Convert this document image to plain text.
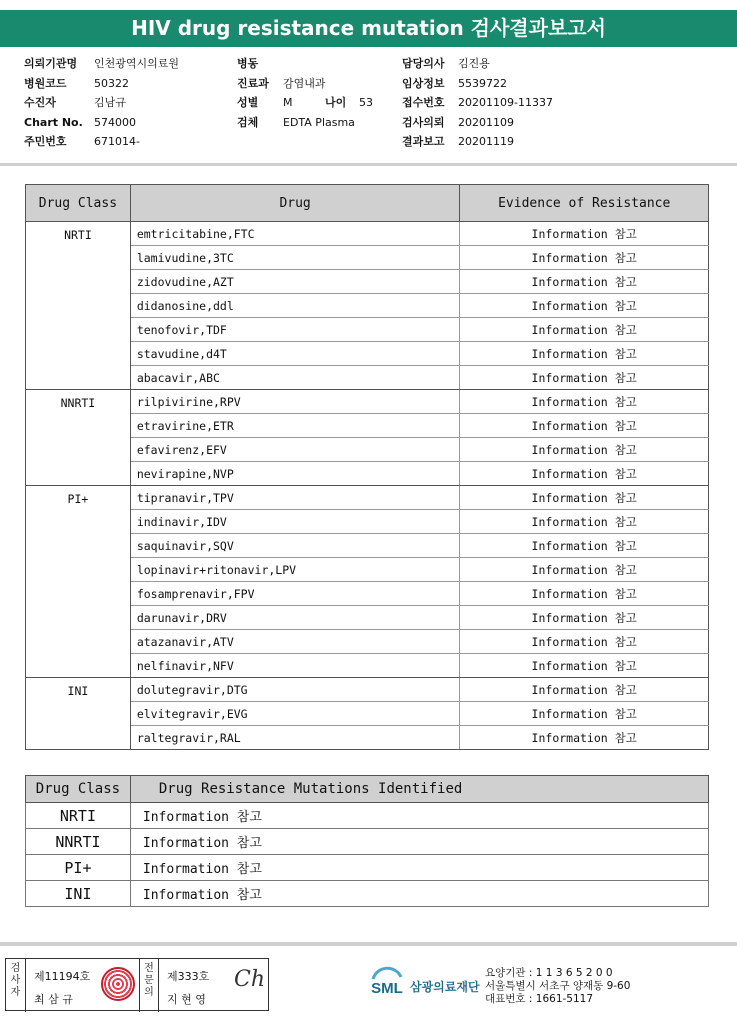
HIV drug resistance mutation 검사결과보고서
의뢰기관명 인천광역시의료원
병원코드 50322
수진자	김남규
Chart No. 574000
주민번호 671014-
병동
진료과 감염내과
성별 M	나이 53
검체 EDTA Plasma
담당의사 김진용
임상정보 5539722
접수번호 20201109-11337
검사의뢰 20201109
결과보고 20201119
Drug Class	Drug	Evidence of Resistance
NRTI	emtricitabine,FTC	Information 참고
	lamivudine,3TC	Information 참고
	zidovudine,AZT	Information 참고
	didanosine,ddl	Information 참고
	tenofovir,TDF	Information 참고
	stavudine,d4T	Information 참고
	abacavir,ABC	Information 참고
NNRTI	rilpivirine,RPV	Information 참고
	etravirine,ETR	Information 참고
	efavirenz,EFV	Information 참고
	nevirapine,NVP	Information 참고
PI+	tipranavir,TPV	Information 참고
	indinavir,IDV	Information 참고
	saquinavir,SQV	Information 참고
	lopinavir+ritonavir,LPV	Information 참고
	fosamprenavir,FPV	Information 참고
	darunavir,DRV	Information 참고
	atazanavir,ATV	Information 참고
	nelfinavir,NFV	Information 참고
INI	dolutegravir,DTG	Information 참고
	elvitegravir,EVG	Information 참고
	raltegravir,RAL	Information 참고
Drug Class	Drug Resistance Mutations Identified
NRTI	Information 참고
NNRTI	Information 참고
PI+	Information 참고
INI	Information 참고
검사자
제11194호
최 삼 규
전문의
제333호
지 현 영
Ch	SML 삼광의료재단
요양기관 : 1 1 3 6 5 2 0 0
서울특별시 서초구 양재동 9-60
대표번호 : 1661-5117
